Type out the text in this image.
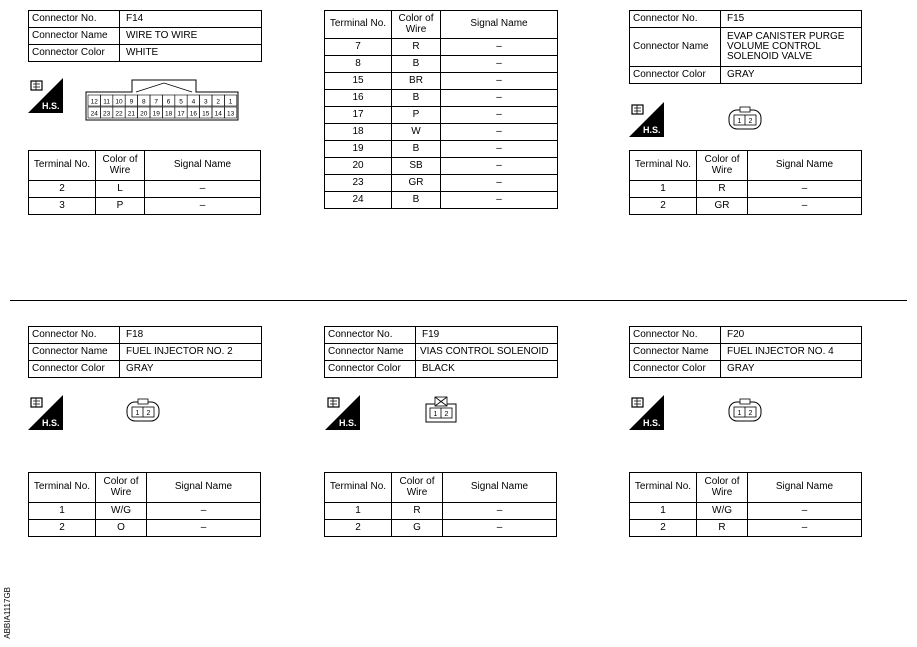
Connector No.	F14
Connector Name	WIRE TO WIRE
Connector Color	WHITE
H.S.	12 11 10 9 8 7 6 5 4 3 2 1
24 23 22 21 20 19 18 17 16 15 14 13
Terminal No.	Color of Wire	Signal Name
2	L	–
3	P	–
Terminal No.	Color of Wire	Signal Name
7	R	–
8	B	–
15	BR	–
16	B	–
17	P	–
18	W	–
19	B	–
20	SB	–
23	GR	–
24	B	–
Connector No.	F15
Connector Name	EVAP CANISTER PURGE VOLUME CONTROL SOLENOID VALVE
Connector Color	GRAY
H.S.
1 2
Terminal No.	Color of Wire	Signal Name
1	R	–
2	GR	–
Connector No.	F18
Connector Name	FUEL INJECTOR NO. 2
Connector Color	GRAY
H.S.
1 2
Terminal No.	Color of Wire	Signal Name
1	W/G	–
2	O	–
Connector No.	F19
Connector Name	VIAS CONTROL SOLENOID
Connector Color	BLACK
H.S.
1 2
Terminal No.	Color of Wire	Signal Name
1	R	–
2	G	–
Connector No.	F20
Connector Name	FUEL INJECTOR NO. 4
Connector Color	GRAY
H.S.
1 2
Terminal No.	Color of Wire	Signal Name
1	W/G	–
2	R	–
ABBIA1117GB
